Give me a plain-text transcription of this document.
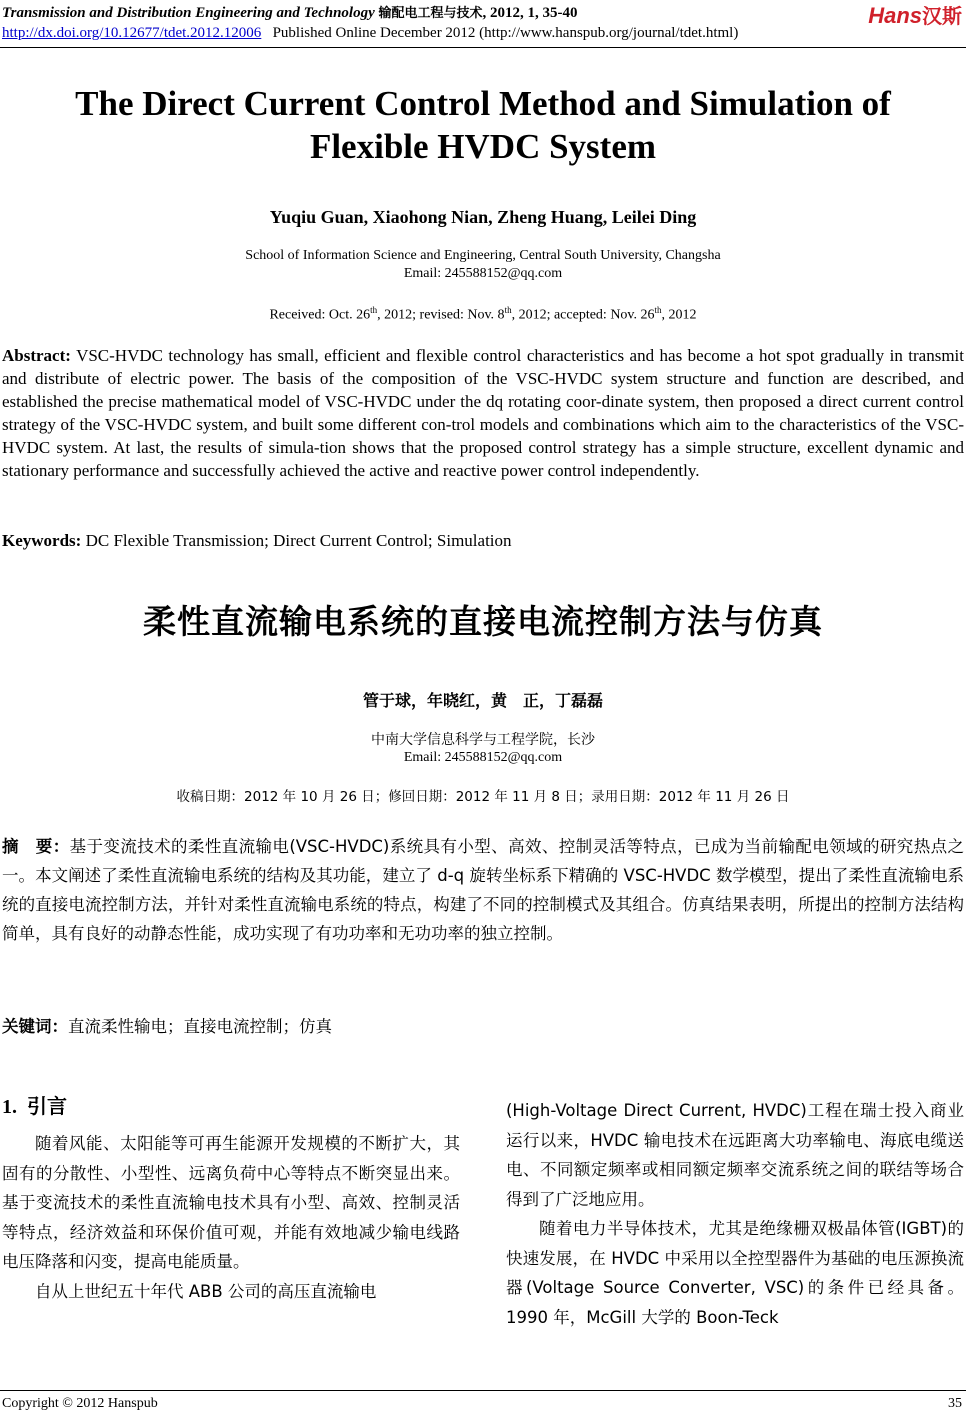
Transmission and Distribution Engineering and Technology 输配电工程与技术, 2012, 1, 35-40	Hans汉斯
http://dx.doi.org/10.12677/tdet.2012.12006 Published Online December 2012 (http://www.hanspub.org/journal/tdet.html)
The Direct Current Control Method and Simulation of
Flexible HVDC System
Yuqiu Guan, Xiaohong Nian, Zheng Huang, Leilei Ding
School of Information Science and Engineering, Central South University, Changsha
Email: 245588152@qq.com
Received: Oct. 26th, 2012; revised: Nov. 8th, 2012; accepted: Nov. 26th, 2012
Abstract: VSC-HVDC technology has small, efficient and flexible control characteristics and has become a hot spot gradually in transmit and distribute of electric power. The basis of the composition of the VSC-HVDC system structure and function are described, and established the precise mathematical model of VSC-HVDC under the dq rotating coor-dinate system, then proposed a direct current control strategy of the VSC-HVDC system, and built some different con-trol models and combinations which aim to the characteristics of the VSC-HVDC system. At last, the results of simula-tion shows that the proposed control strategy has a simple structure, excellent dynamic and stationary performance and successfully achieved the active and reactive power control independently.
Keywords: DC Flexible Transmission; Direct Current Control; Simulation
柔性直流输电系统的直接电流控制方法与仿真
管于球，年晓红，黄　正，丁磊磊
中南大学信息科学与工程学院，长沙
Email: 245588152@qq.com
收稿日期：2012 年 10 月 26 日；修回日期：2012 年 11 月 8 日；录用日期：2012 年 11 月 26 日
摘　要：基于变流技术的柔性直流输电(VSC-HVDC)系统具有小型、高效、控制灵活等特点，已成为当前输配电领域的研究热点之一。本文阐述了柔性直流输电系统的结构及其功能，建立了 d-q 旋转坐标系下精确的 VSC-HVDC 数学模型，提出了柔性直流输电系统的直接电流控制方法，并针对柔性直流输电系统的特点，构建了不同的控制模式及其组合。仿真结果表明，所提出的控制方法结构简单，具有良好的动静态性能，成功实现了有功功率和无功功率的独立控制。
关键词：直流柔性输电；直接电流控制；仿真
1. 引言

随着风能、太阳能等可再生能源开发规模的不断扩大，其固有的分散性、小型性、远离负荷中心等特点不断突显出来。基于变流技术的柔性直流输电技术具有小型、高效、控制灵活等特点，经济效益和环保价值可观，并能有效地减少输电线路电压降落和闪变，提高电能质量。

自从上世纪五十年代 ABB 公司的高压直流输电

(High-Voltage Direct Current, HVDC)工程在瑞士投入商业运行以来，HVDC 输电技术在远距离大功率输电、海底电缆送电、不同额定频率或相同额定频率交流系统之间的联结等场合得到了广泛地应用。

随着电力半导体技术，尤其是绝缘栅双极晶体管(IGBT)的快速发展，在 HVDC 中采用以全控型器件为基础的电压源换流器(Voltage Source Converter, VSC)的条件已经具备。1990 年，McGill 大学的 Boon-Teck

Copyright © 2012 Hanspub	35
